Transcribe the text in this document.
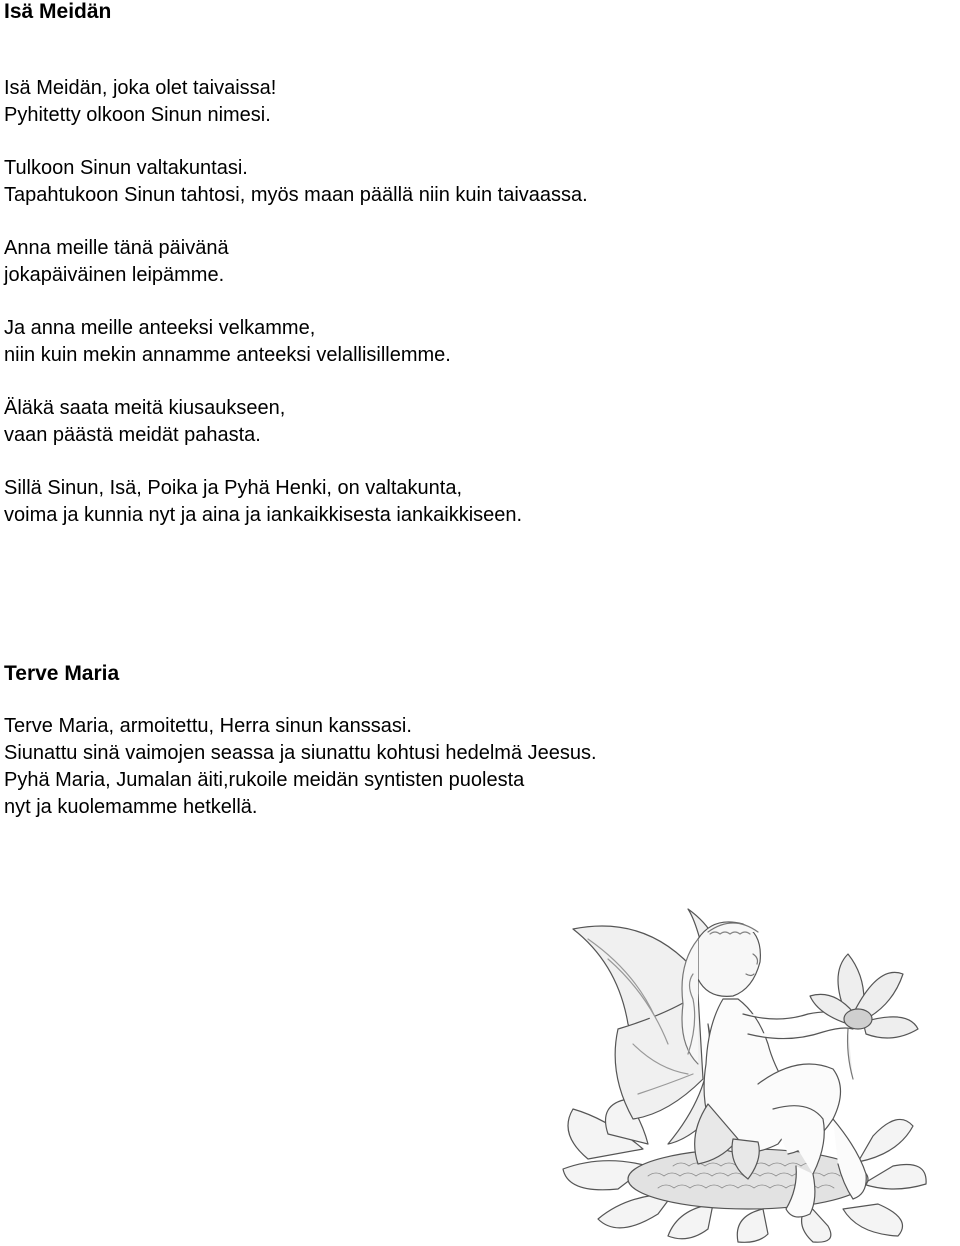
Isä Meidän

Isä Meidän, joka olet taivaissa!

Pyhitetty olkoon Sinun nimesi.

Tulkoon Sinun valtakuntasi.

Tapahtukoon Sinun tahtosi, myös maan päällä niin kuin taivaassa.

Anna meille tänä päivänä

jokapäiväinen leipämme.

Ja anna meille anteeksi velkamme,

niin kuin mekin annamme anteeksi velallisillemme.

Äläkä saata meitä kiusaukseen,

vaan päästä meidät pahasta.

Sillä Sinun, Isä, Poika ja Pyhä Henki, on valtakunta,

voima ja kunnia nyt ja aina ja iankaikkisesta iankaikkiseen.

Terve Maria

Terve Maria, armoitettu, Herra sinun kanssasi.

Siunattu sinä vaimojen seassa ja siunattu kohtusi hedelmä Jeesus.

Pyhä Maria, Jumalan äiti,rukoile meidän syntisten puolesta

nyt ja kuolemamme hetkellä.
